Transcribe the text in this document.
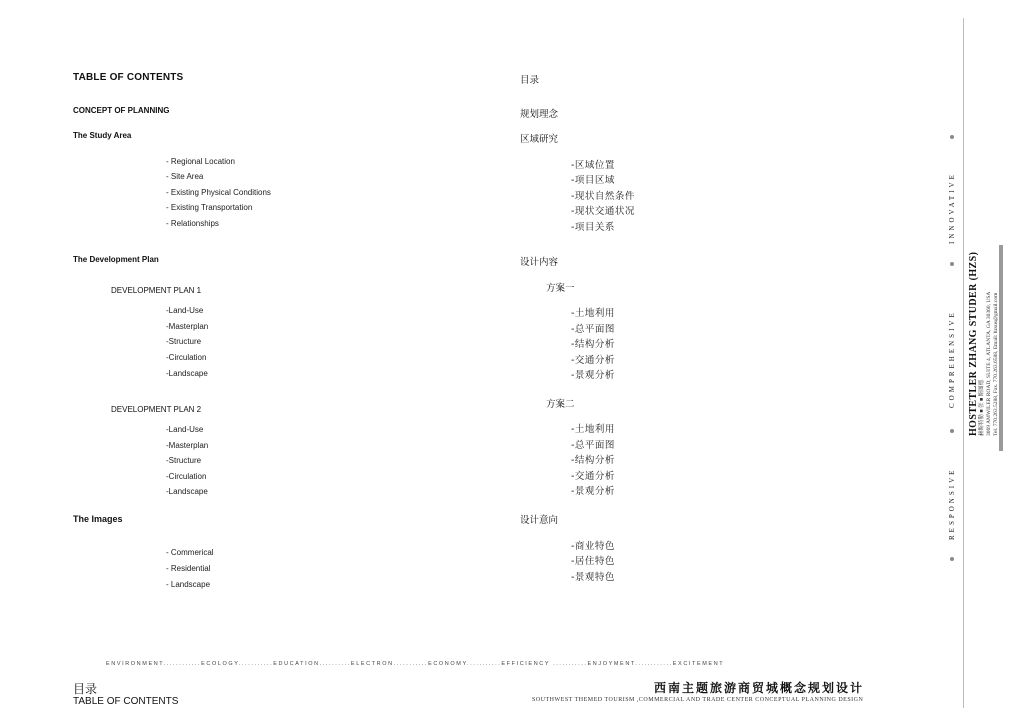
TABLE OF CONTENTS
CONCEPT OF PLANNING
The Study Area
- Regional Location
- Site Area
- Existing Physical Conditions
- Existing Transportation
- Relationships
The Development Plan
DEVELOPMENT PLAN 1
-Land-Use
-Masterplan
-Structure
-Circulation
-Landscape
DEVELOPMENT PLAN 2
-Land-Use
-Masterplan
-Structure
-Circulation
-Landscape
The Images
- Commerical
- Residential
- Landscape
目录
规划理念
区域研究
-区域位置
-项目区域
-现状自然条件
-现状交通状况
-项目关系
设计内容
方案一
-土地利用
-总平面图
-结构分析
-交通分析
-景观分析
方案二
-土地利用
-总平面图
-结构分析
-交通分析
-景观分析
设计意向
-商业特色
-居住特色
-景观特色
RESPONSIVE
COMPREHENSIVE
INNOVATIVE
HOSTETLER ZHANG STUDER (HZS) 赫斯特勒 ■ 张 ■ 斯图德 3069 AMWILER ROAD, SUITE 4, ATLANTA, GA 30360, USA Tel. 770.263.5288, Fax. 770.263.6588, Email: hzsus@gmail.com
ENVIRONMENT............ECOLOGY...........EDUCATION..........ELECTRON...........ECONOMY...........EFFICIENCY ...........ENJOYMENT............EXCITEMENT
目录
TABLE OF CONTENTS
西南主题旅游商贸城概念规划设计
SOUTHWEST THEMED TOURISM ,COMMERCIAL AND TRADE CENTER CONCEPTUAL PLANNING DESIGN
